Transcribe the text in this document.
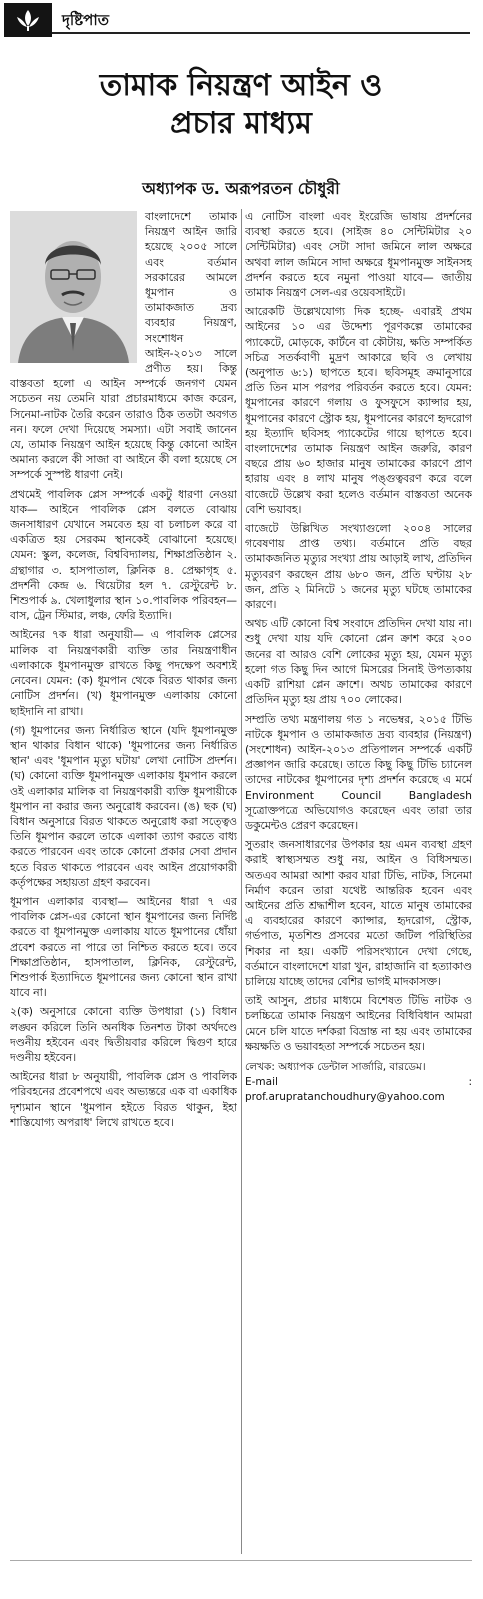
দৃষ্টিপাত
তামাক নিয়ন্ত্রণ আইন ও
প্রচার মাধ্যম
অধ্যাপক ড. অরূপরতন চৌধুরী

বাংলাদেশে তামাক নিয়ন্ত্রণ আইন জারি হয়েছে ২০০৫ সালে এবং বর্তমান সরকারের আমলে ধূমপান ও তামাকজাত দ্রব্য ব্যবহার নিয়ন্ত্রণ, সংশোধন আইন-২০১৩ সালে প্রণীত হয়। কিন্তু বাস্তবতা হলো এ আইন সম্পর্কে জনগণ যেমন সচেতন নয় তেমনি যারা প্রচারমাধ্যমে কাজ করেন, সিনেমা-নাটক তৈরি করেন তারাও ঠিক ততটা অবগত নন। ফলে দেখা দিয়েছে সমস্যা। এটা সবাই জানেন যে, তামাক নিয়ন্ত্রণ আইন হয়েছে কিন্তু কোনো আইন অমান্য করলে কী সাজা বা আইনে কী বলা হয়েছে সে সম্পর্কে সুস্পষ্ট ধারণা নেই।

প্রথমেই পাবলিক প্লেস সম্পর্কে একটু ধারণা নেওয়া যাক— আইনে পাবলিক প্লেস বলতে বোঝায় জনসাধারণ যেখানে সমবেত হয় বা চলাচল করে বা একত্রিত হয় সেরকম স্থানকেই বোঝানো হয়েছে। যেমন: স্কুল, কলেজ, বিশ্ববিদ্যালয়, শিক্ষাপ্রতিষ্ঠান ২. গ্রন্থাগার ৩. হাসপাতাল, ক্লিনিক ৪. প্রেক্ষাগৃহ ৫. প্রদর্শনী কেন্দ্র ৬. থিয়েটার হল ৭. রেস্টুরেন্ট ৮. শিশুপার্ক ৯. খেলাধুলার স্থান ১০.পাবলিক পরিবহন— বাস, ট্রেন স্টিমার, লঞ্চ, ফেরি ইত্যাদি।

আইনের ৭ক ধারা অনুযায়ী— এ পাবলিক প্লেসের মালিক বা নিয়ন্ত্রণকারী ব্যক্তি তার নিয়ন্ত্রণাধীন এলাকাকে ধূমপানমুক্ত রাখতে কিছু পদক্ষেপ অবশ্যই নেবেন। যেমন: (ক) ধূমপান থেকে বিরত থাকার জন্য নোটিস প্রদর্শন। (খ) ধূমপানমুক্ত এলাকায় কোনো ছাইদানি না রাখা।

(গ) ধূমপানের জন্য নির্ধারিত স্থানে (যদি ধূমপানমুক্ত স্থান থাকার বিধান থাকে) 'ধূমপানের জন্য নির্ধারিত স্থান' এবং 'ধূমপান মৃত্যু ঘটায়' লেখা নোটিস প্রদর্শন। (ঘ) কোনো ব্যক্তি ধূমপানমুক্ত এলাকায় ধূমপান করলে ওই এলাকার মালিক বা নিয়ন্ত্রণকারী ব্যক্তি ধূমপায়ীকে ধূমপান না করার জন্য অনুরোধ করবেন। (ঙ) ছক (ঘ) বিধান অনুসারে বিরত থাকতে অনুরোধ করা সত্ত্বেও তিনি ধূমপান করলে তাকে এলাকা ত্যাগ করতে বাধ্য করতে পারবেন এবং তাকে কোনো প্রকার সেবা প্রদান হতে বিরত থাকতে পারবেন এবং আইন প্রয়োগকারী কর্তৃপক্ষের সহায়তা গ্রহণ করবেন।

ধূমপান এলাকার ব্যবস্থা— আইনের ধারা ৭ এর পাবলিক প্লেস-এর কোনো স্থান ধূমপানের জন্য নির্দিষ্ট করতে বা ধূমপানমুক্ত এলাকায় যাতে ধূমপানের ধোঁয়া প্রবেশ করতে না পারে তা নিশ্চিত করতে হবে। তবে শিক্ষাপ্রতিষ্ঠান, হাসপাতাল, ক্লিনিক, রেস্টুরেন্ট, শিশুপার্ক ইত্যাদিতে ধূমপানের জন্য কোনো স্থান রাখা যাবে না।

২(ক) অনুসারে কোনো ব্যক্তি উপধারা (১) বিধান লঙ্ঘন করিলে তিনি অনধিক তিনশত টাকা অর্থদণ্ডে দণ্ডনীয় হইবেন এবং দ্বিতীয়বার করিলে দ্বিগুণ হারে দণ্ডনীয় হইবেন।

আইনের ধারা ৮ অনুযায়ী, পাবলিক প্লেস ও পাবলিক পরিবহনের প্রবেশপথে এবং অভ্যন্তরে এক বা একাধিক দৃশ্যমান স্থানে 'ধূমপান হইতে বিরত থাকুন, ইহা শাস্তিযোগ্য অপরাধ' লিখে রাখতে হবে।

এ নোটিস বাংলা এবং ইংরেজি ভাষায় প্রদর্শনের ব্যবস্থা করতে হবে। (সাইজ ৪০ সেন্টিমিটার ২০ সেন্টিমিটার) এবং সেটা সাদা জমিনে লাল অক্ষরে অথবা লাল জমিনে সাদা অক্ষরে ধূমপানমুক্ত সাইনসহ প্রদর্শন করতে হবে নমুনা পাওয়া যাবে— জাতীয় তামাক নিয়ন্ত্রণ সেল-এর ওয়েবসাইটে।

আরেকটি উল্লেখযোগ্য দিক হচ্ছে- এবারই প্রথম আইনের ১০ এর উদ্দেশ্য পূরণকল্পে তামাকের প্যাকেটে, মোড়কে, কার্টনে বা কৌটায়, ক্ষতি সম্পর্কিত সচিত্র সতর্কবাণী মুদ্রণ আকারে ছবি ও লেখায় (অনুপাত ৬:১) ছাপতে হবে। ছবিসমূহ ক্রমানুসারে প্রতি তিন মাস পরপর পরিবর্তন করতে হবে। যেমন: ধূমপানের কারণে গলায় ও ফুসফুসে ক্যান্সার হয়, ধূমপানের কারণে স্ট্রোক হয়, ধূমপানের কারণে হৃদরোগ হয় ইত্যাদি ছবিসহ প্যাকেটের গায়ে ছাপতে হবে। বাংলাদেশের তামাক নিয়ন্ত্রণ আইন জরুরি, কারণ বছরে প্রায় ৬০ হাজার মানুষ তামাকের কারণে প্রাণ হারায় এবং ৪ লাখ মানুষ পঙ্গুত্ববরণ করে বলে বাজেটে উল্লেখ করা হলেও বর্তমান বাস্তবতা অনেক বেশি ভয়াবহ।

বাজেটে উল্লিখিত সংখ্যাগুলো ২০০৪ সালের গবেষণায় প্রাপ্ত তথ্য। বর্তমানে প্রতি বছর তামাকজনিত মৃত্যুর সংখ্যা প্রায় আড়াই লাখ, প্রতিদিন মৃত্যুবরণ করছেন প্রায় ৬৮০ জন, প্রতি ঘণ্টায় ২৮ জন, প্রতি ২ মিনিটে ১ জনের মৃত্যু ঘটছে তামাকের কারণে।

অথচ এটি কোনো বিশ্ব সংবাদে প্রতিদিন দেখা যায় না। শুধু দেখা যায় যদি কোনো প্লেন ক্রাশ করে ২০০ জনের বা আরও বেশি লোকের মৃত্যু হয়, যেমন মৃত্যু হলো গত কিছু দিন আগে মিসরের সিনাই উপত্যকায় একটি রাশিয়া প্লেন ক্রাশে। অথচ তামাকের কারণে প্রতিদিন মৃত্যু হয় প্রায় ৭০০ লোকের।

সম্প্রতি তথ্য মন্ত্রণালয় গত ১ নভেম্বর, ২০১৫ টিভি নাটকে ধূমপান ও তামাকজাত দ্রব্য ব্যবহার (নিয়ন্ত্রণ) (সংশোধন) আইন-২০১৩ প্রতিপালন সম্পর্কে একটি প্রজ্ঞাপন জারি করেছে। তাতে কিছু কিছু টিভি চ্যানেল তাদের নাটকের ধূমপানের দৃশ্য প্রদর্শন করেছে এ মর্মে Environment Council Bangladesh সূত্রোক্তপত্রে অভিযোগও করেছেন এবং তারা তার ডকুমেন্টও প্রেরণ করেছেন।

সুতরাং জনসাধারণের উপকার হয় এমন ব্যবস্থা গ্রহণ করাই স্বাস্থ্যসম্মত শুধু নয়, আইন ও বিধিসম্মত। অতএব আমরা আশা করব যারা টিভি, নাটক, সিনেমা নির্মাণ করেন তারা যথেষ্ট আন্তরিক হবেন এবং আইনের প্রতি শ্রদ্ধাশীল হবেন, যাতে মানুষ তামাকের এ ব্যবহারের কারণে ক্যান্সার, হৃদরোগ, স্ট্রোক, গর্ভপাত, মৃতশিশু প্রসবের মতো জটিল পরিস্থিতির শিকার না হয়। একটি পরিসংখ্যানে দেখা গেছে, বর্তমানে বাংলাদেশে যারা খুন, রাহাজানি বা হত্যাকাণ্ড চালিয়ে যাচ্ছে তাদের বেশির ভাগই মাদকাসক্ত।

তাই আসুন, প্রচার মাধ্যমে বিশেষত টিভি নাটক ও চলচ্চিত্রে তামাক নিয়ন্ত্রণ আইনের বিধিবিধান আমরা মেনে চলি যাতে দর্শকরা বিভ্রান্ত না হয় এবং তামাকের ক্ষয়ক্ষতি ও ভয়াবহতা সম্পর্কে সচেতন হয়।

লেখক: অধ্যাপক ডেন্টাল সার্জারি, বারডেম।

E-mail : prof.arupratanchoudhury@yahoo.com
